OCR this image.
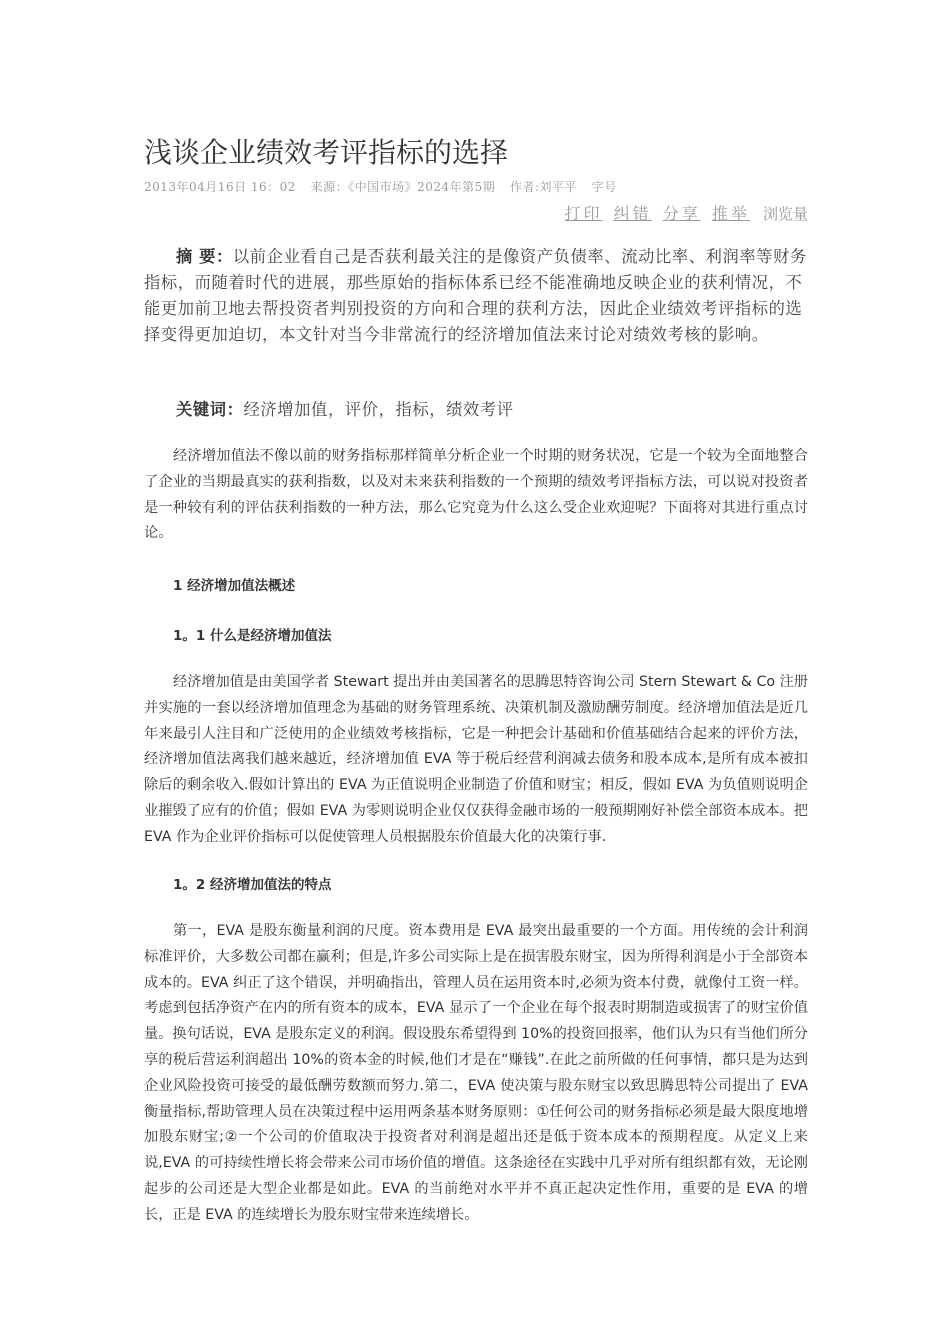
浅谈企业绩效考评指标的选择
2013年04月16日 16：02 来源：《中国市场》2024年第5期 作者:刘平平 字号
打印 纠错 分享 推举 浏览量
摘 要：以前企业看自己是否获利最关注的是像资产负债率、流动比率、利润率等财务指标，而随着时代的进展，那些原始的指标体系已经不能准确地反映企业的获利情况，不能更加前卫地去帮投资者判别投资的方向和合理的获利方法，因此企业绩效考评指标的选择变得更加迫切，本文针对当今非常流行的经济增加值法来讨论对绩效考核的影响。
关键词：经济增加值，评价，指标，绩效考评
经济增加值法不像以前的财务指标那样简单分析企业一个时期的财务状况，它是一个较为全面地整合了企业的当期最真实的获利指数，以及对未来获利指数的一个预期的绩效考评指标方法，可以说对投资者是一种较有利的评估获利指数的一种方法，那么它究竟为什么这么受企业欢迎呢？下面将对其进行重点讨论。
1 经济增加值法概述
1。1 什么是经济增加值法
经济增加值是由美国学者 Stewart 提出并由美国著名的思腾思特咨询公司 Stern Stewart & Co 注册并实施的一套以经济增加值理念为基础的财务管理系统、决策机制及激励酬劳制度。经济增加值法是近几年来最引人注目和广泛使用的企业绩效考核指标，它是一种把会计基础和价值基础结合起来的评价方法，经济增加值法离我们越来越近，经济增加值 EVA 等于税后经营利润减去债务和股本成本,是所有成本被扣除后的剩余收入.假如计算出的 EVA 为正值说明企业制造了价值和财宝；相反，假如 EVA 为负值则说明企业摧毁了应有的价值；假如 EVA 为零则说明企业仅仅获得金融市场的一般预期刚好补偿全部资本成本。把 EVA 作为企业评价指标可以促使管理人员根据股东价值最大化的决策行事.
1。2 经济增加值法的特点
第一，EVA 是股东衡量利润的尺度。资本费用是 EVA 最突出最重要的一个方面。用传统的会计利润标准评价，大多数公司都在赢利；但是,许多公司实际上是在损害股东财宝，因为所得利润是小于全部资本成本的。EVA 纠正了这个错误，并明确指出，管理人员在运用资本时,必须为资本付费，就像付工资一样。考虑到包括净资产在内的所有资本的成本，EVA 显示了一个企业在每个报表时期制造或损害了的财宝价值量。换句话说，EVA 是股东定义的利润。假设股东希望得到 10%的投资回报率，他们认为只有当他们所分享的税后营运利润超出 10%的资本金的时候,他们才是在“赚钱”.在此之前所做的任何事情，都只是为达到企业风险投资可接受的最低酬劳数额而努力.第二，EVA 使决策与股东财宝以致思腾思特公司提出了 EVA 衡量指标,帮助管理人员在决策过程中运用两条基本财务原则：①任何公司的财务指标必须是最大限度地增加股东财宝;②一个公司的价值取决于投资者对利润是超出还是低于资本成本的预期程度。从定义上来说,EVA 的可持续性增长将会带来公司市场价值的增值。这条途径在实践中几乎对所有组织都有效，无论刚起步的公司还是大型企业都是如此。EVA 的当前绝对水平并不真正起决定性作用，重要的是 EVA 的增长，正是 EVA 的连续增长为股东财宝带来连续增长。
